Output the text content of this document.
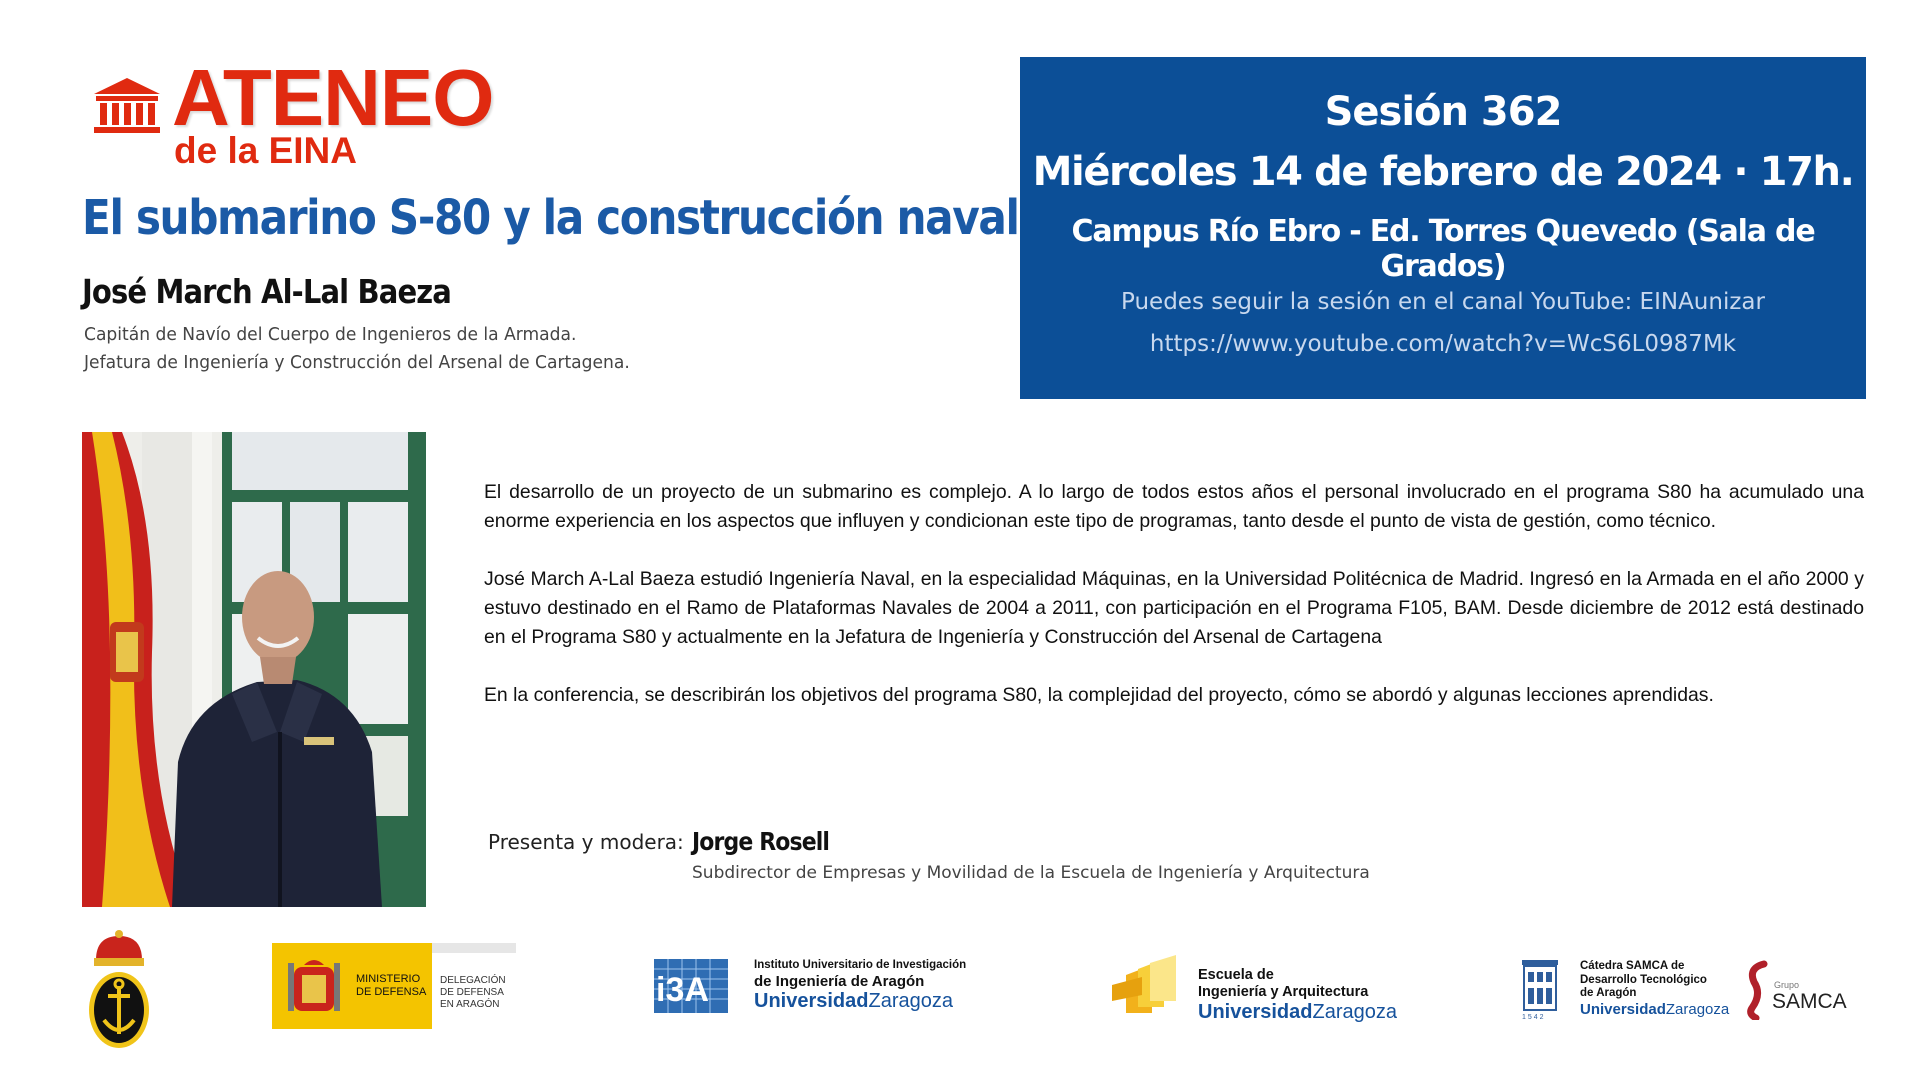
ATENEO
de la EINA
El submarino S-80 y la construcción naval
José March Al-Lal Baeza
Capitán de Navío del Cuerpo de Ingenieros de la Armada.
Jefatura de Ingeniería y Construcción del Arsenal de Cartagena.
Sesión 362
Miércoles 14 de febrero de 2024 · 17h.
Campus Río Ebro - Ed. Torres Quevedo (Sala de Grados)
Puedes seguir la sesión en el canal YouTube: EINAunizar
https://www.youtube.com/watch?v=WcS6L0987Mk

El desarrollo de un proyecto de un submarino es complejo. A lo largo de todos estos años el personal involucrado en el programa S80 ha acumulado una enorme experiencia en los aspectos que influyen y condicionan este tipo de programas, tanto desde el punto de vista de gestión, como técnico.

José March A-Lal Baeza estudió Ingeniería Naval, en la especialidad Máquinas, en la Universidad Politécnica de Madrid. Ingresó en la Armada en el año 2000 y estuvo destinado en el Ramo de Plataformas Navales de 2004 a 2011, con participación en el Programa F105, BAM. Desde diciembre de 2012 está destinado en el Programa S80 y actualmente en la Jefatura de Ingeniería y Construcción del Arsenal de Cartagena

En la conferencia, se describirán los objetivos del programa S80, la complejidad del proyecto, cómo se abordó y algunas lecciones aprendidas.

Presenta y modera: Jorge Rosell
Subdirector de Empresas y Movilidad de la Escuela de Ingeniería y Arquitectura
MINISTERIO
DE DEFENSA
DELEGACIÓN
DE DEFENSA
EN ARAGÓN	i3A
Instituto Universitario de Investigación
de Ingeniería de Aragón
UniversidadZaragoza
Escuela de
Ingeniería y Arquitectura
UniversidadZaragoza	1542
Cátedra SAMCA de
Desarrollo Tecnológico
de Aragón
UniversidadZaragoza
Grupo
SAMCA
